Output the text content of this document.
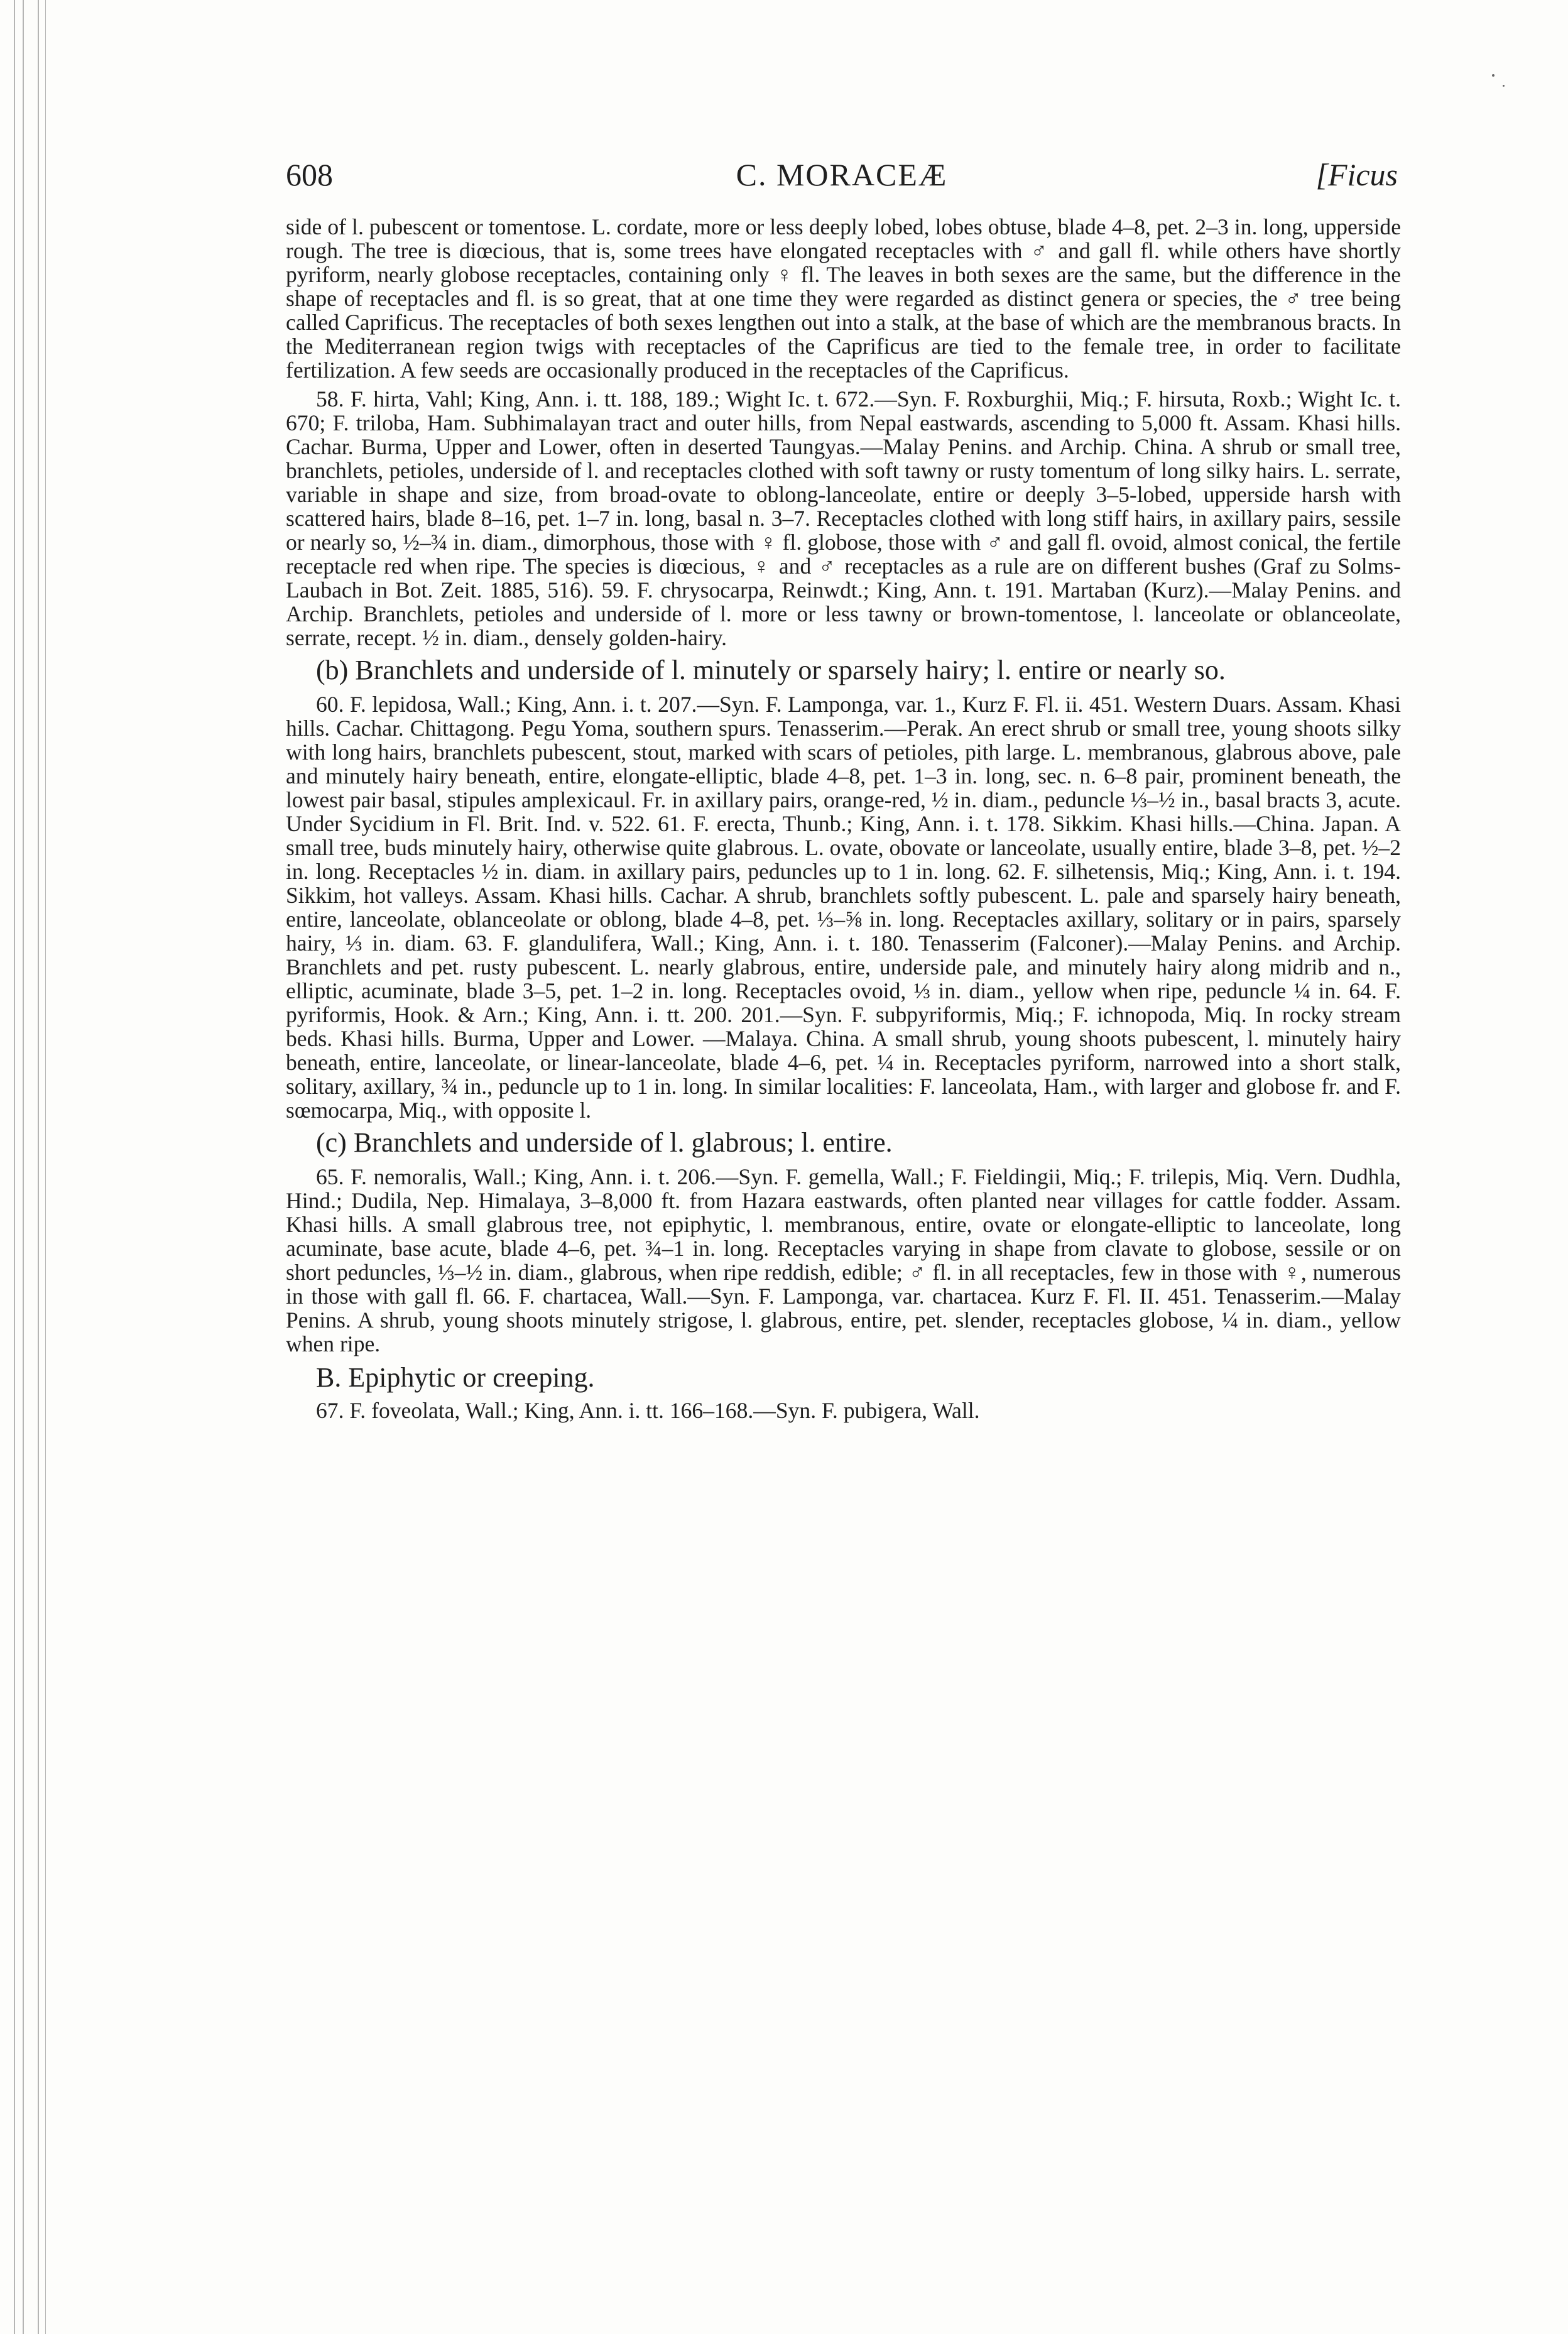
608	C. MORACEÆ	[Ficus

side of l. pubescent or tomentose. L. cordate, more or less deeply lobed, lobes obtuse, blade 4–8, pet. 2–3 in. long, upperside rough. The tree is diœcious, that is, some trees have elongated receptacles with ♂ and gall fl. while others have shortly pyriform, nearly globose receptacles, containing only ♀ fl. The leaves in both sexes are the same, but the difference in the shape of receptacles and fl. is so great, that at one time they were regarded as distinct genera or species, the ♂ tree being called Caprificus. The receptacles of both sexes lengthen out into a stalk, at the base of which are the membranous bracts. In the Mediterranean region twigs with receptacles of the Caprificus are tied to the female tree, in order to facilitate fertilization. A few seeds are occasionally produced in the receptacles of the Caprificus.

58. F. hirta, Vahl; King, Ann. i. tt. 188, 189.; Wight Ic. t. 672.—Syn. F. Roxburghii, Miq.; F. hirsuta, Roxb.; Wight Ic. t. 670; F. triloba, Ham. Subhimalayan tract and outer hills, from Nepal eastwards, ascending to 5,000 ft. Assam. Khasi hills. Cachar. Burma, Upper and Lower, often in deserted Taungyas.—Malay Penins. and Archip. China. A shrub or small tree, branchlets, petioles, underside of l. and receptacles clothed with soft tawny or rusty tomentum of long silky hairs. L. serrate, variable in shape and size, from broad-ovate to oblong-lanceolate, entire or deeply 3–5-lobed, upperside harsh with scattered hairs, blade 8–16, pet. 1–7 in. long, basal n. 3–7. Receptacles clothed with long stiff hairs, in axillary pairs, sessile or nearly so, ½–¾ in. diam., dimorphous, those with ♀ fl. globose, those with ♂ and gall fl. ovoid, almost conical, the fertile receptacle red when ripe. The species is diœcious, ♀ and ♂ receptacles as a rule are on different bushes (Graf zu Solms-Laubach in Bot. Zeit. 1885, 516). 59. F. chrysocarpa, Reinwdt.; King, Ann. t. 191. Martaban (Kurz).—Malay Penins. and Archip. Branchlets, petioles and underside of l. more or less tawny or brown-tomentose, l. lanceolate or oblanceolate, serrate, recept. ½ in. diam., densely golden-hairy.

(b) Branchlets and underside of l. minutely or sparsely hairy; l. entire or nearly so.

60. F. lepidosa, Wall.; King, Ann. i. t. 207.—Syn. F. Lamponga, var. 1., Kurz F. Fl. ii. 451. Western Duars. Assam. Khasi hills. Cachar. Chittagong. Pegu Yoma, southern spurs. Tenasserim.—Perak. An erect shrub or small tree, young shoots silky with long hairs, branchlets pubescent, stout, marked with scars of petioles, pith large. L. membranous, glabrous above, pale and minutely hairy beneath, entire, elongate-elliptic, blade 4–8, pet. 1–3 in. long, sec. n. 6–8 pair, prominent beneath, the lowest pair basal, stipules amplexicaul. Fr. in axillary pairs, orange-red, ½ in. diam., peduncle ⅓–½ in., basal bracts 3, acute. Under Sycidium in Fl. Brit. Ind. v. 522. 61. F. erecta, Thunb.; King, Ann. i. t. 178. Sikkim. Khasi hills.—China. Japan. A small tree, buds minutely hairy, otherwise quite glabrous. L. ovate, obovate or lanceolate, usually entire, blade 3–8, pet. ½–2 in. long. Receptacles ½ in. diam. in axillary pairs, peduncles up to 1 in. long. 62. F. silhetensis, Miq.; King, Ann. i. t. 194. Sikkim, hot valleys. Assam. Khasi hills. Cachar. A shrub, branchlets softly pubescent. L. pale and sparsely hairy beneath, entire, lanceolate, oblanceolate or oblong, blade 4–8, pet. ⅓–⅝ in. long. Receptacles axillary, solitary or in pairs, sparsely hairy, ⅓ in. diam. 63. F. glandulifera, Wall.; King, Ann. i. t. 180. Tenasserim (Falconer).—Malay Penins. and Archip. Branchlets and pet. rusty pubescent. L. nearly glabrous, entire, underside pale, and minutely hairy along midrib and n., elliptic, acuminate, blade 3–5, pet. 1–2 in. long. Receptacles ovoid, ⅓ in. diam., yellow when ripe, peduncle ¼ in. 64. F. pyriformis, Hook. & Arn.; King, Ann. i. tt. 200. 201.—Syn. F. subpyriformis, Miq.; F. ichnopoda, Miq. In rocky stream beds. Khasi hills. Burma, Upper and Lower. —Malaya. China. A small shrub, young shoots pubescent, l. minutely hairy beneath, entire, lanceolate, or linear-lanceolate, blade 4–6, pet. ¼ in. Receptacles pyriform, narrowed into a short stalk, solitary, axillary, ¾ in., peduncle up to 1 in. long. In similar localities: F. lanceolata, Ham., with larger and globose fr. and F. sœmocarpa, Miq., with opposite l.

(c) Branchlets and underside of l. glabrous; l. entire.

65. F. nemoralis, Wall.; King, Ann. i. t. 206.—Syn. F. gemella, Wall.; F. Fieldingii, Miq.; F. trilepis, Miq. Vern. Dudhla, Hind.; Dudila, Nep. Himalaya, 3–8,000 ft. from Hazara eastwards, often planted near villages for cattle fodder. Assam. Khasi hills. A small glabrous tree, not epiphytic, l. membranous, entire, ovate or elongate-elliptic to lanceolate, long acuminate, base acute, blade 4–6, pet. ¾–1 in. long. Receptacles varying in shape from clavate to globose, sessile or on short peduncles, ⅓–½ in. diam., glabrous, when ripe reddish, edible; ♂ fl. in all receptacles, few in those with ♀, numerous in those with gall fl. 66. F. chartacea, Wall.—Syn. F. Lamponga, var. chartacea. Kurz F. Fl. II. 451. Tenasserim.—Malay Penins. A shrub, young shoots minutely strigose, l. glabrous, entire, pet. slender, receptacles globose, ¼ in. diam., yellow when ripe.

B. Epiphytic or creeping.

67. F. foveolata, Wall.; King, Ann. i. tt. 166–168.—Syn. F. pubigera, Wall.
